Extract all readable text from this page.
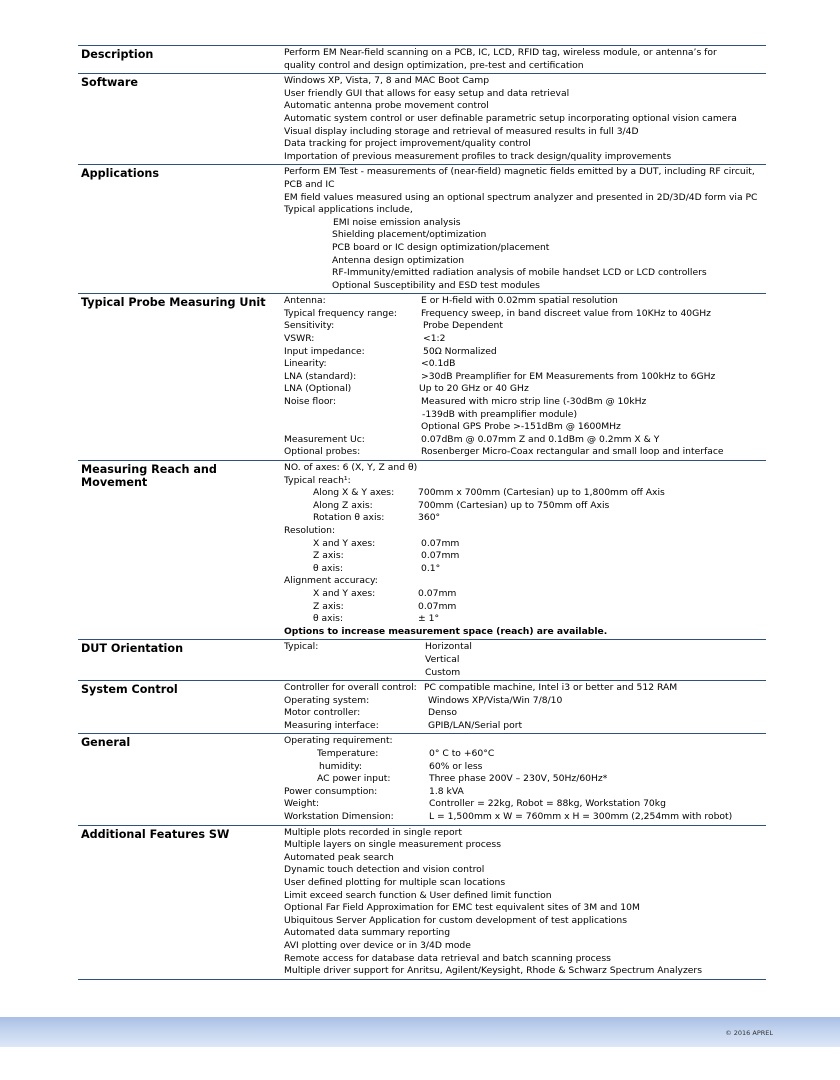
Description	Perform EM Near-field scanning on a PCB, IC, LCD, RFID tag, wireless module, or antenna’s for
quality control and design optimization, pre-test and certification
Software	Windows XP, Vista, 7, 8 and MAC Boot Camp
User friendly GUI that allows for easy setup and data retrieval
Automatic antenna probe movement control
Automatic system control or user definable parametric setup incorporating optional vision camera
Visual display including storage and retrieval of measured results in full 3/4D
Data tracking for project improvement/quality control
Importation of previous measurement profiles to track design/quality improvements
Applications	Perform EM Test - measurements of (near-field) magnetic fields emitted by a DUT, including RF circuit,
PCB and IC
EM field values measured using an optional spectrum analyzer and presented in 2D/3D/4D form via PC
Typical applications include,
EMI noise emission analysis
Shielding placement/optimization
PCB board or IC design optimization/placement
Antenna design optimization
RF-Immunity/emitted radiation analysis of mobile handset LCD or LCD controllers
Optional Susceptibility and ESD test modules
Typical Probe Measuring Unit	Antenna:	E or H-field with 0.02mm spatial resolution
Typical frequency range:	Frequency sweep, in band discreet value from 10KHz to 40GHz
Sensitivity:	Probe Dependent
VSWR:	<1:2
Input impedance:	50Ω Normalized
Linearity:	<0.1dB
LNA (standard):	>30dB Preamplifier for EM Measurements from 100kHz to 6GHz
LNA (Optional)	Up to 20 GHz or 40 GHz
Noise floor:	Measured with micro strip line (-30dBm @ 10kHz
-139dB with preamplifier module)
Optional GPS Probe >-151dBm @ 1600MHz
Measurement Uc:	0.07dBm @ 0.07mm Z and 0.1dBm @ 0.2mm X & Y
Optional probes:	Rosenberger Micro-Coax rectangular and small loop and interface
Measuring Reach and
Movement
NO. of axes: 6 (X, Y, Z and θ)
Typical reach¹:
Along X & Y axes:	700mm x 700mm (Cartesian) up to 1,800mm off Axis
Along Z axis:	700mm (Cartesian) up to 750mm off Axis
Rotation θ axis:	360°
Resolution:
X and Y axes:	0.07mm
Z axis:	0.07mm
θ axis:	0.1°
Alignment accuracy:
X and Y axes:	0.07mm
Z axis:	0.07mm
θ axis:	± 1°
Options to increase measurement space (reach) are available.
DUT Orientation	Typical:	Horizontal
Vertical
Custom
System Control	Controller for overall control: PC compatible machine, Intel i3 or better and 512 RAM
Operating system:	Windows XP/Vista/Win 7/8/10
Motor controller:	Denso
Measuring interface:	GPIB/LAN/Serial port
General	Operating requirement:
Temperature:	0° C to +60°C
humidity:	60% or less
AC power input:	Three phase 200V – 230V, 50Hz/60Hz*
Power consumption:	1.8 kVA
Weight:	Controller = 22kg, Robot = 88kg, Workstation 70kg
Workstation Dimension:	L = 1,500mm x W = 760mm x H = 300mm (2,254mm with robot)
Additional Features SW	Multiple plots recorded in single report
Multiple layers on single measurement process
Automated peak search
Dynamic touch detection and vision control
User defined plotting for multiple scan locations
Limit exceed search function & User defined limit function
Optional Far Field Approximation for EMC test equivalent sites of 3M and 10M
Ubiquitous Server Application for custom development of test applications
Automated data summary reporting
AVI plotting over device or in 3/4D mode
Remote access for database data retrieval and batch scanning process
Multiple driver support for Anritsu, Agilent/Keysight, Rhode & Schwarz Spectrum Analyzers
© 2016 APREL
